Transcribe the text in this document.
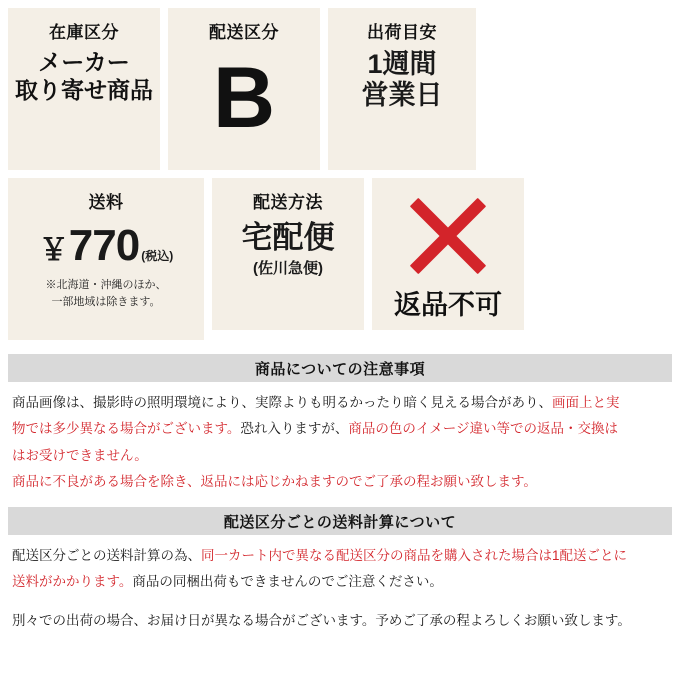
在庫区分
メーカー
取り寄せ商品
配送区分
B
出荷目安
1週間
営業日
送料
￥ 770 (税込)
※北海道・沖縄のほか、
一部地域は除きます。
配送方法
宅配便
(佐川急便)
返品不可
商品についての注意事項

商品画像は、撮影時の照明環境により、実際よりも明るかったり暗く見える場合があり、画面上と実

物では多少異なる場合がございます。恐れ入りますが、商品の色のイメージ違い等での返品・交換は

はお受けできません。

商品に不良がある場合を除き、返品には応じかねますのでご了承の程お願い致します。

配送区分ごとの送料計算について

配送区分ごとの送料計算の為、同一カート内で異なる配送区分の商品を購入された場合は1配送ごとに

送料がかかります。商品の同梱出荷もできませんのでご注意ください。

別々での出荷の場合、お届け日が異なる場合がございます。予めご了承の程よろしくお願い致します。
